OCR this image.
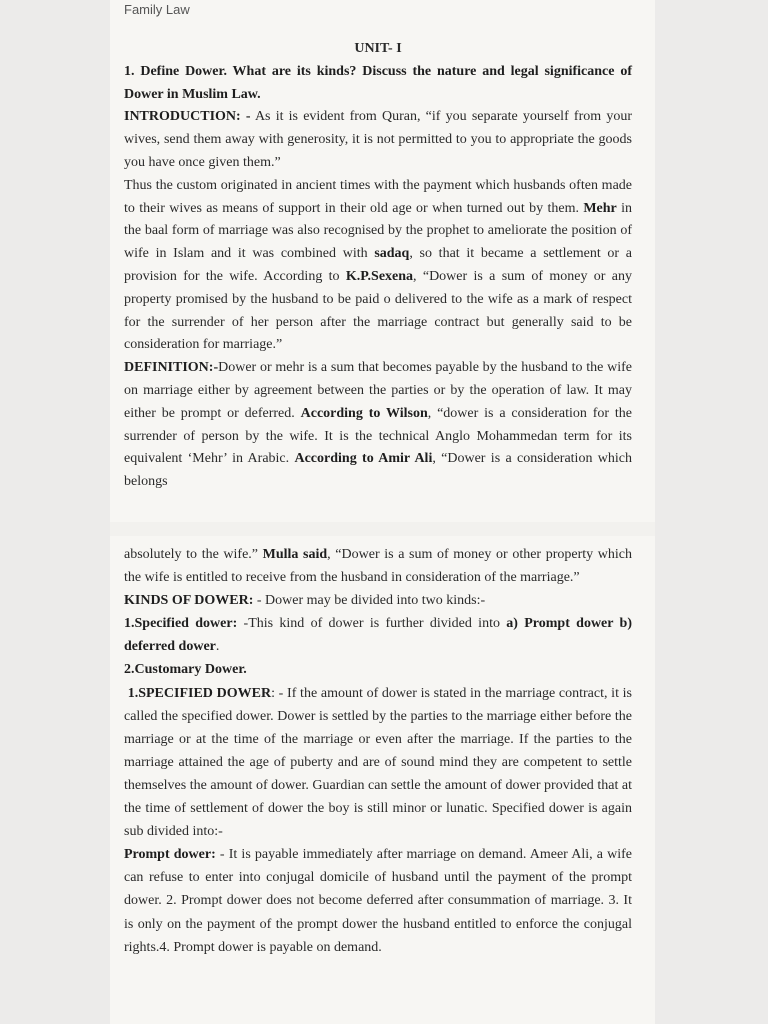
Family Law

UNIT- I

1. Define Dower. What are its kinds? Discuss the nature and legal significance of Dower in Muslim Law.

INTRODUCTION: - As it is evident from Quran, “if you separate yourself from your wives, send them away with generosity, it is not permitted to you to appropriate the goods you have once given them.”

Thus the custom originated in ancient times with the payment which husbands often made to their wives as means of support in their old age or when turned out by them. Mehr in the baal form of marriage was also recognised by the prophet to ameliorate the position of wife in Islam and it was combined with sadaq, so that it became a settlement or a provision for the wife. According to K.P.Sexena, “Dower is a sum of money or any property promised by the husband to be paid o delivered to the wife as a mark of respect for the surrender of her person after the marriage contract but generally said to be consideration for marriage.”

DEFINITION:-Dower or mehr is a sum that becomes payable by the husband to the wife on marriage either by agreement between the parties or by the operation of law. It may either be prompt or deferred. According to Wilson, “dower is a consideration for the surrender of person by the wife. It is the technical Anglo Mohammedan term for its equivalent ‘Mehr’ in Arabic. According to Amir Ali, “Dower is a consideration which belongs

absolutely to the wife.” Mulla said, “Dower is a sum of money or other property which the wife is entitled to receive from the husband in consideration of the marriage.”

KINDS OF DOWER: - Dower may be divided into two kinds:-

1.Specified dower: -This kind of dower is further divided into a) Prompt dower b) deferred dower.

2.Customary Dower.

1.SPECIFIED DOWER: - If the amount of dower is stated in the marriage contract, it is called the specified dower. Dower is settled by the parties to the marriage either before the marriage or at the time of the marriage or even after the marriage. If the parties to the marriage attained the age of puberty and are of sound mind they are competent to settle themselves the amount of dower. Guardian can settle the amount of dower provided that at the time of settlement of dower the boy is still minor or lunatic. Specified dower is again sub divided into:-

Prompt dower: - It is payable immediately after marriage on demand. Ameer Ali, a wife can refuse to enter into conjugal domicile of husband until the payment of the prompt dower. 2. Prompt dower does not become deferred after consummation of marriage. 3. It is only on the payment of the prompt dower the husband entitled to enforce the conjugal rights.4. Prompt dower is payable on demand.
